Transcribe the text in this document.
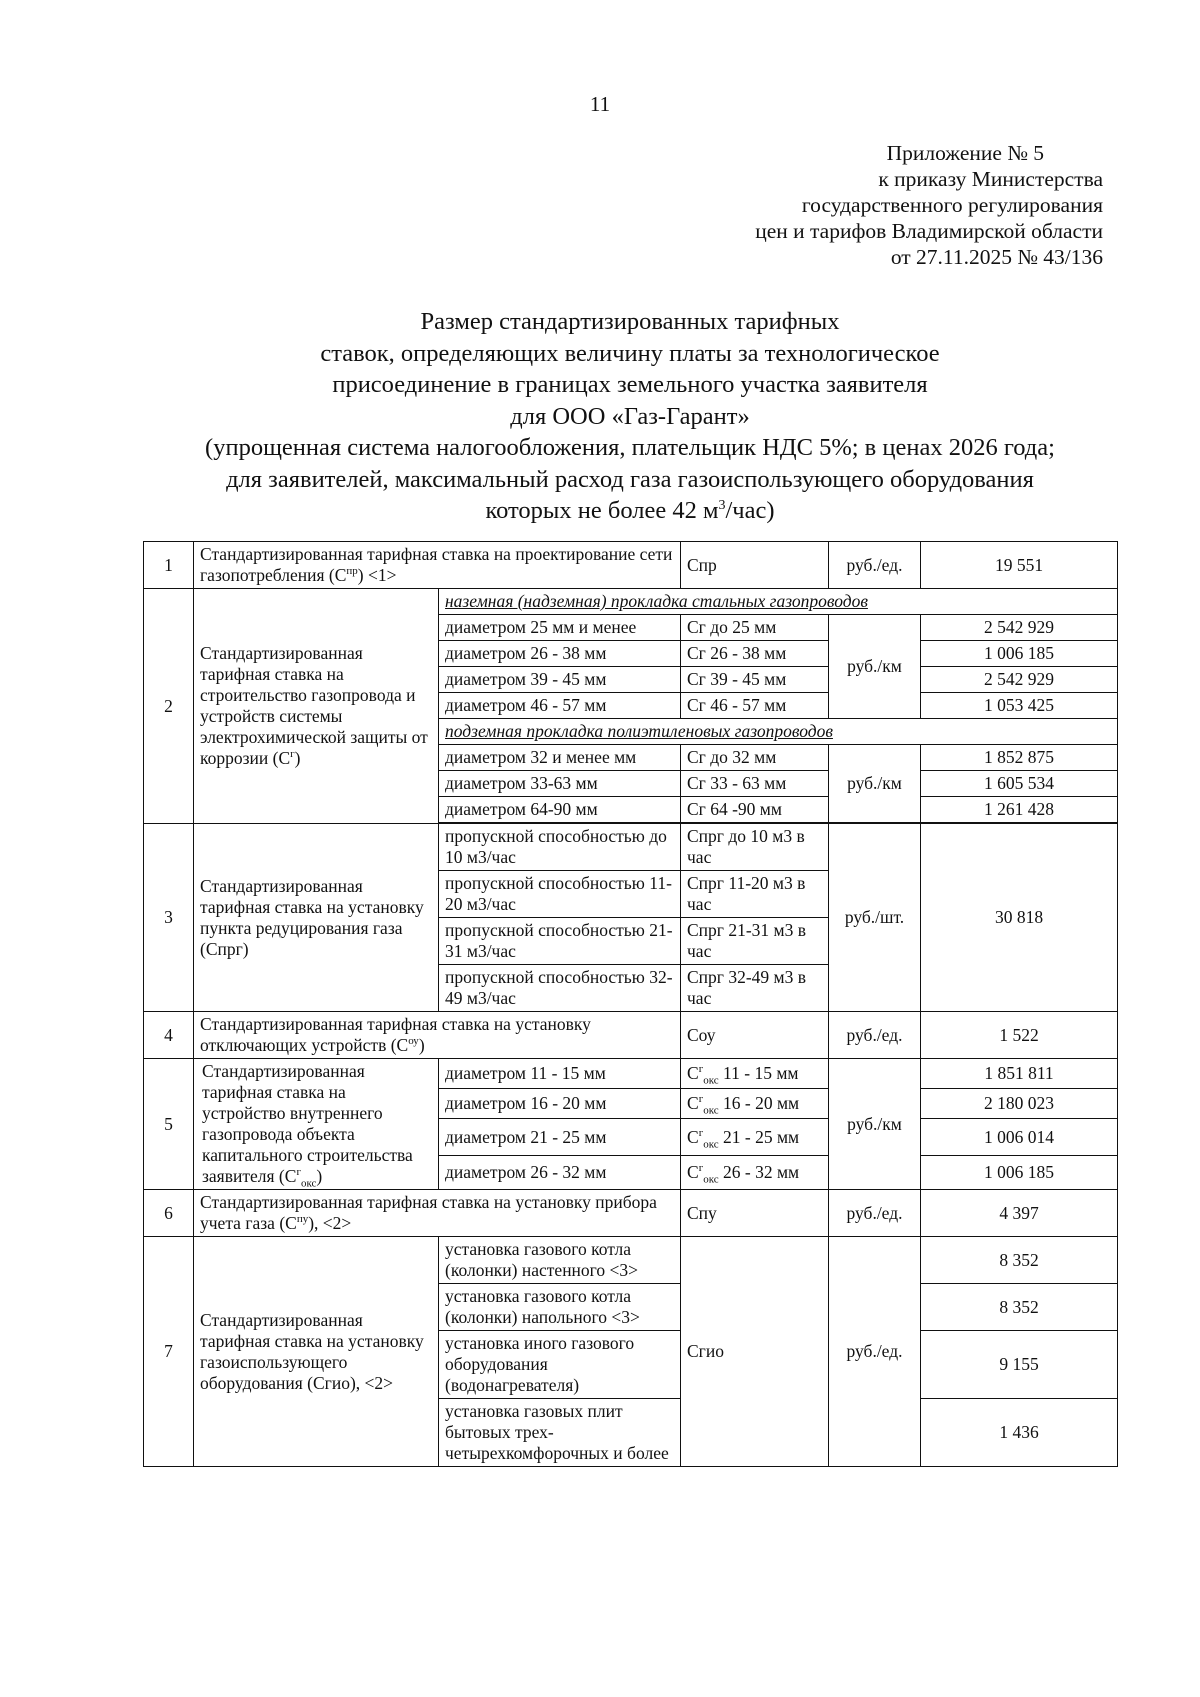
11
Приложение № 5
к приказу Министерства
государственного регулирования
цен и тарифов Владимирской области
от 27.11.2025 № 43/136
Размер стандартизированных тарифных
ставок, определяющих величину платы за технологическое
присоединение в границах земельного участка заявителя
для ООО «Газ-Гарант»
(упрощенная система налогообложения, плательщик НДС 5%; в ценах 2026 года;
для заявителей, максимальный расход газа газоиспользующего оборудования
которых не более 42 $м^3/час$)
1	Стандартизированная тарифная ставка на проектирование сети газопотребления $(С^{пр}) <1>$		Спр	руб./ед.	19 551
2	Стандартизированная тарифная ставка на строительство газопровода и устройств системы электрохимической защиты от коррозии $(С^г)$	наземная (надземная) прокладка стальных газопроводов			
		диаметром 25 мм и менее	Сг до 25 мм	руб./км	2 542 929
		диаметром 26 - 38 мм	Сг 26 - 38 мм		1 006 185
		диаметром 39 - 45 мм	Сг 39 - 45 мм		2 542 929
		диаметром 46 - 57 мм	Сг 46 - 57 мм		1 053 425
		подземная прокладка полиэтиленовых газопроводов			
		диаметром 32 и менее мм	Сг до 32 мм	руб./км	1 852 875
		диаметром 33-63 мм	Сг 33 - 63 мм		1 605 534
		диаметром 64-90 мм	Сг 64 -90 мм		1 261 428

3	Стандартизированная тарифная ставка на установку пункта редуцирования газа (Спрг)	пропускной способностью до 10 м3/час	Спрг до 10 м3 в час	руб./шт.	30 818
		пропускной способностью 11-20 м3/час	Спрг 11-20 м3 в час		
		пропускной способностью 21-31 м3/час	Спрг 21-31 м3 в час		
		пропускной способностью 32-49 м3/час	Спрг 32-49 м3 в час		
4	Стандартизированная тарифная ставка на установку отключающих устройств $(С^{оу})$		Соу	руб./ед.	1 522
5	Стандартизированная тарифная ставка на устройство внутреннего газопровода объекта капитального строительства заявителя $(С^г_{окс})$	диаметром 11 - 15 мм	$С^г_{окс}$ 11 - 15 мм	руб./км	1 851 811
		диаметром 16 - 20 мм	$С^г_{окс}$ 16 - 20 мм		2 180 023
		диаметром 21 - 25 мм	$С^г_{окс}$ 21 - 25 мм		1 006 014
		диаметром 26 - 32 мм	$С^г_{окс}$ 26 - 32 мм		1 006 185
6	Стандартизированная тарифная ставка на установку прибора учета газа $(С^{пу})$, <2>		Спу	руб./ед.	4 397
7	Стандартизированная тарифная ставка на установку газоиспользующего оборудования (Сгио), <2>	установка газового котла (колонки) настенного <3>	Сгио	руб./ед.	8 352
		установка газового котла (колонки) напольного <3>			8 352
		установка иного газового оборудования (водонагревателя)			9 155
		установка газовых плит бытовых трех-четырехкомфорочных и более			1 436
